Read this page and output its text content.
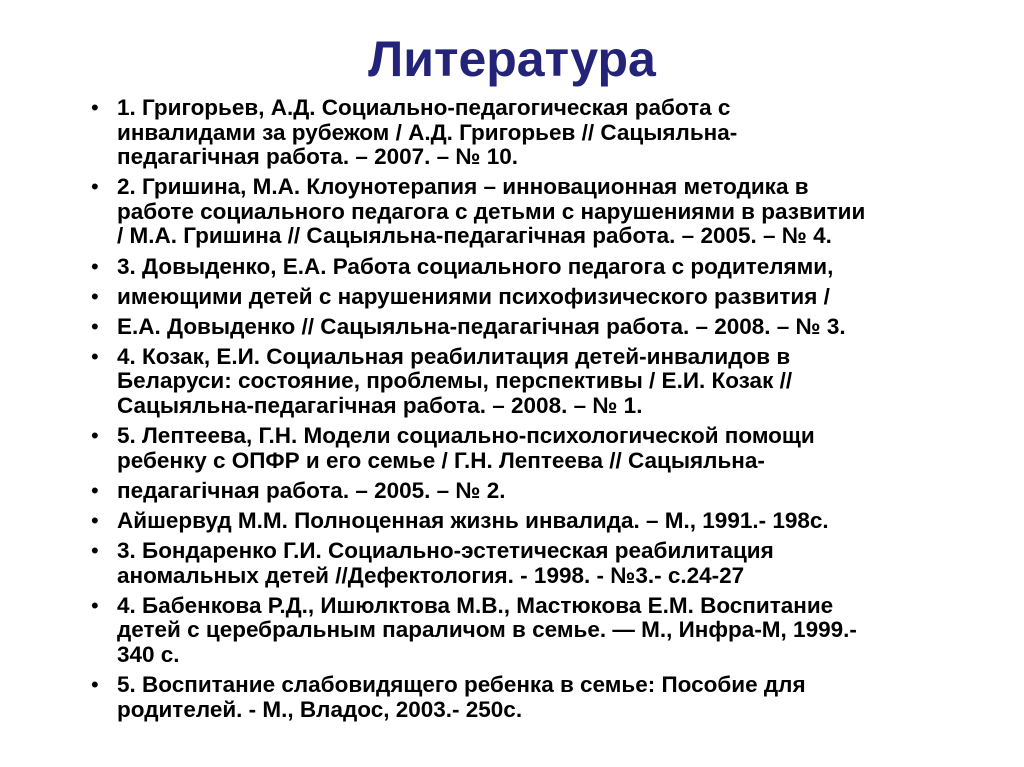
Литература
• 1. Григорьев, А.Д. Социально-педагогическая работа с
инвалидами за рубежом / А.Д. Григорьев // Сацыяльна-
педагагічная работа. – 2007. – № 10.
• 2. Гришина, М.А. Клоунотерапия – инновационная методика в
работе социального педагога с детьми с нарушениями в развитии
/ М.А. Гришина // Сацыяльна-педагагічная работа. – 2005. – № 4.
• 3. Довыденко, Е.А. Работа социального педагога с родителями,
• имеющими детей с нарушениями психофизического развития /
• Е.А. Довыденко // Сацыяльна-педагагічная работа. – 2008. – № 3.
• 4. Козак, Е.И. Социальная реабилитация детей-инвалидов в
Беларуси: состояние, проблемы, перспективы / Е.И. Козак //
Сацыяльна-педагагічная работа. – 2008. – № 1.
• 5. Лептеева, Г.Н. Модели социально-психологической помощи
ребенку с ОПФР и его семье / Г.Н. Лептеева // Сацыяльна-
• педагагічная работа. – 2005. – № 2.
• Айшервуд М.М. Полноценная жизнь инвалида. – М., 1991.- 198с.
• 3. Бондаренко Г.И. Социально-эстетическая реабилитация
аномальных детей //Дефектология. - 1998. - №3.- с.24-27
• 4. Бабенкова Р.Д., Ишюлктова М.В., Мастюкова Е.М. Воспитание
детей с церебральным параличом в семье. — М., Инфра-М, 1999.-
340 с.
• 5. Воспитание слабовидящего ребенка в семье: Пособие для
родителей. - М., Владос, 2003.- 250с.
